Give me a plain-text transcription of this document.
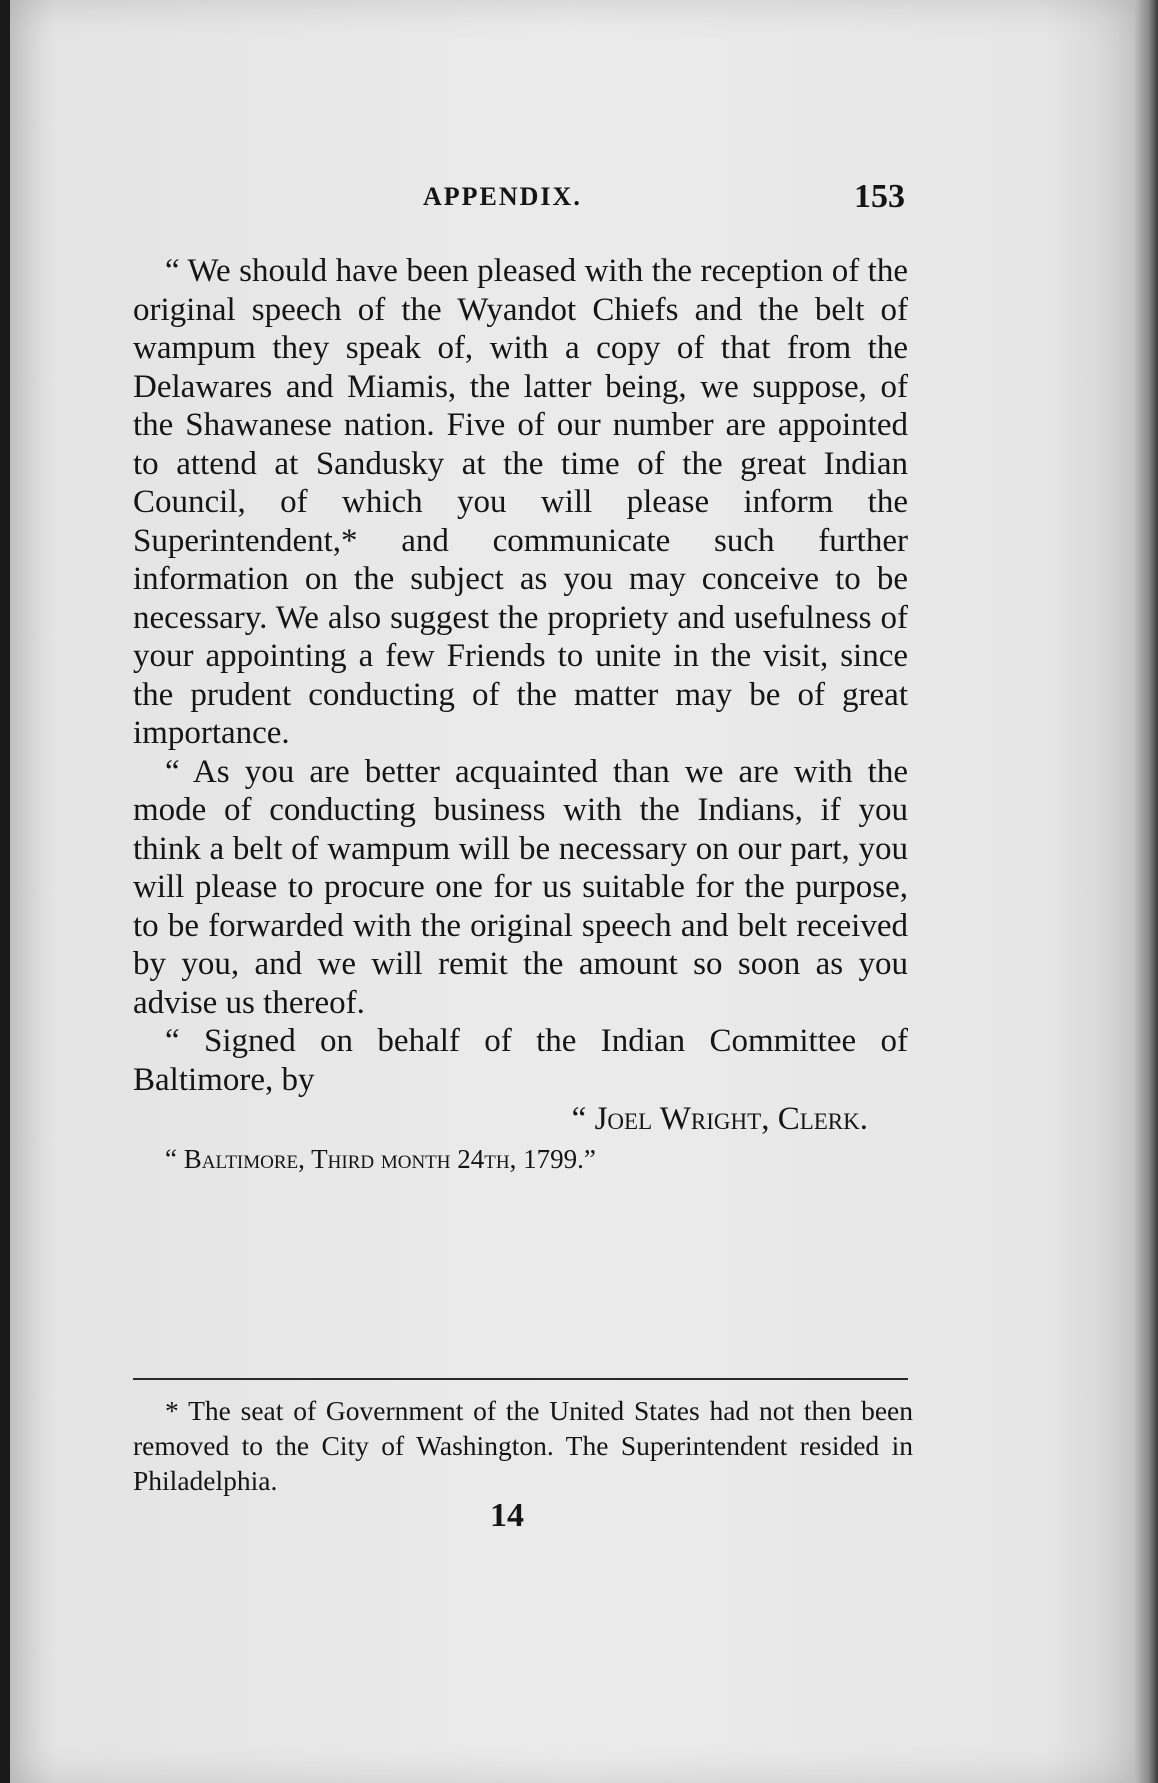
APPENDIX.	153

“ We should have been pleased with the reception of the original speech of the Wyandot Chiefs and the belt of wampum they speak of, with a copy of that from the Delawares and Miamis, the latter being, we suppose, of the Shawanese nation. Five of our number are appointed to attend at Sandusky at the time of the great Indian Council, of which you will please inform the Superintendent,* and communicate such further information on the subject as you may conceive to be necessary. We also suggest the propriety and usefulness of your appointing a few Friends to unite in the visit, since the prudent conducting of the matter may be of great importance.

“ As you are better acquainted than we are with the mode of conducting business with the Indians, if you think a belt of wampum will be necessary on our part, you will please to procure one for us suitable for the purpose, to be forwarded with the original speech and belt received by you, and we will remit the amount so soon as you advise us thereof.

“ Signed on behalf of the Indian Committee of Baltimore, by

“ Joel Wright, Clerk.

“ Baltimore, Third month 24th, 1799.”

* The seat of Government of the United States had not then been removed to the City of Washington. The Superintendent resided in Philadelphia.

14
